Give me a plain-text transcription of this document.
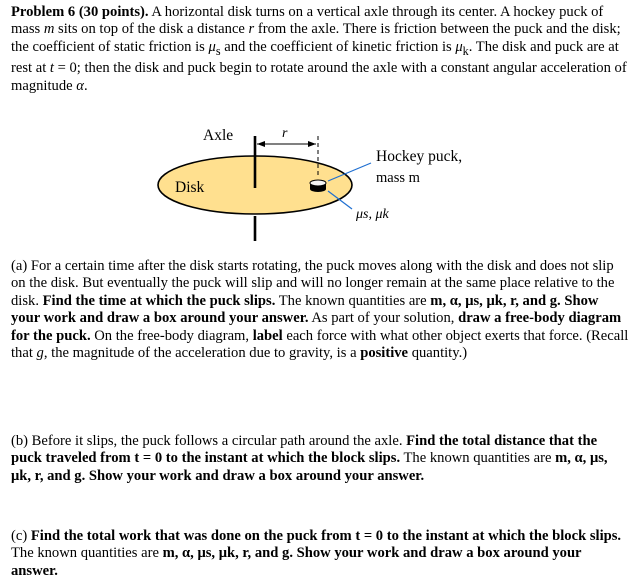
Problem 6 (30 points). A horizontal disk turns on a vertical axle through its center. A hockey puck of mass m sits on top of the disk a distance r from the axle. There is friction between the puck and the disk; the coefficient of static friction is $\mu_s$ and the coefficient of kinetic friction is $\mu_k$. The disk and puck are at rest at t = 0; then the disk and puck begin to rotate around the axle with a constant angular acceleration of magnitude α.

Axle	r
Disk
Hockey puck,
mass m
μs, μk

(a) For a certain time after the disk starts rotating, the puck moves along with the disk and does not slip on the disk. But eventually the puck will slip and will no longer remain at the same place relative to the disk. Find the time at which the puck slips. The known quantities are m, α, μs, μk, r, and g. Show your work and draw a box around your answer. As part of your solution, draw a free-body diagram for the puck. On the free-body diagram, label each force with what other object exerts that force. (Recall that g, the magnitude of the acceleration due to gravity, is a positive quantity.)

(b) Before it slips, the puck follows a circular path around the axle. Find the total distance that the puck traveled from t = 0 to the instant at which the block slips. The known quantities are m, α, μs, μk, r, and g. Show your work and draw a box around your answer.

(c) Find the total work that was done on the puck from t = 0 to the instant at which the block slips. The known quantities are m, α, μs, μk, r, and g. Show your work and draw a box around your answer.
